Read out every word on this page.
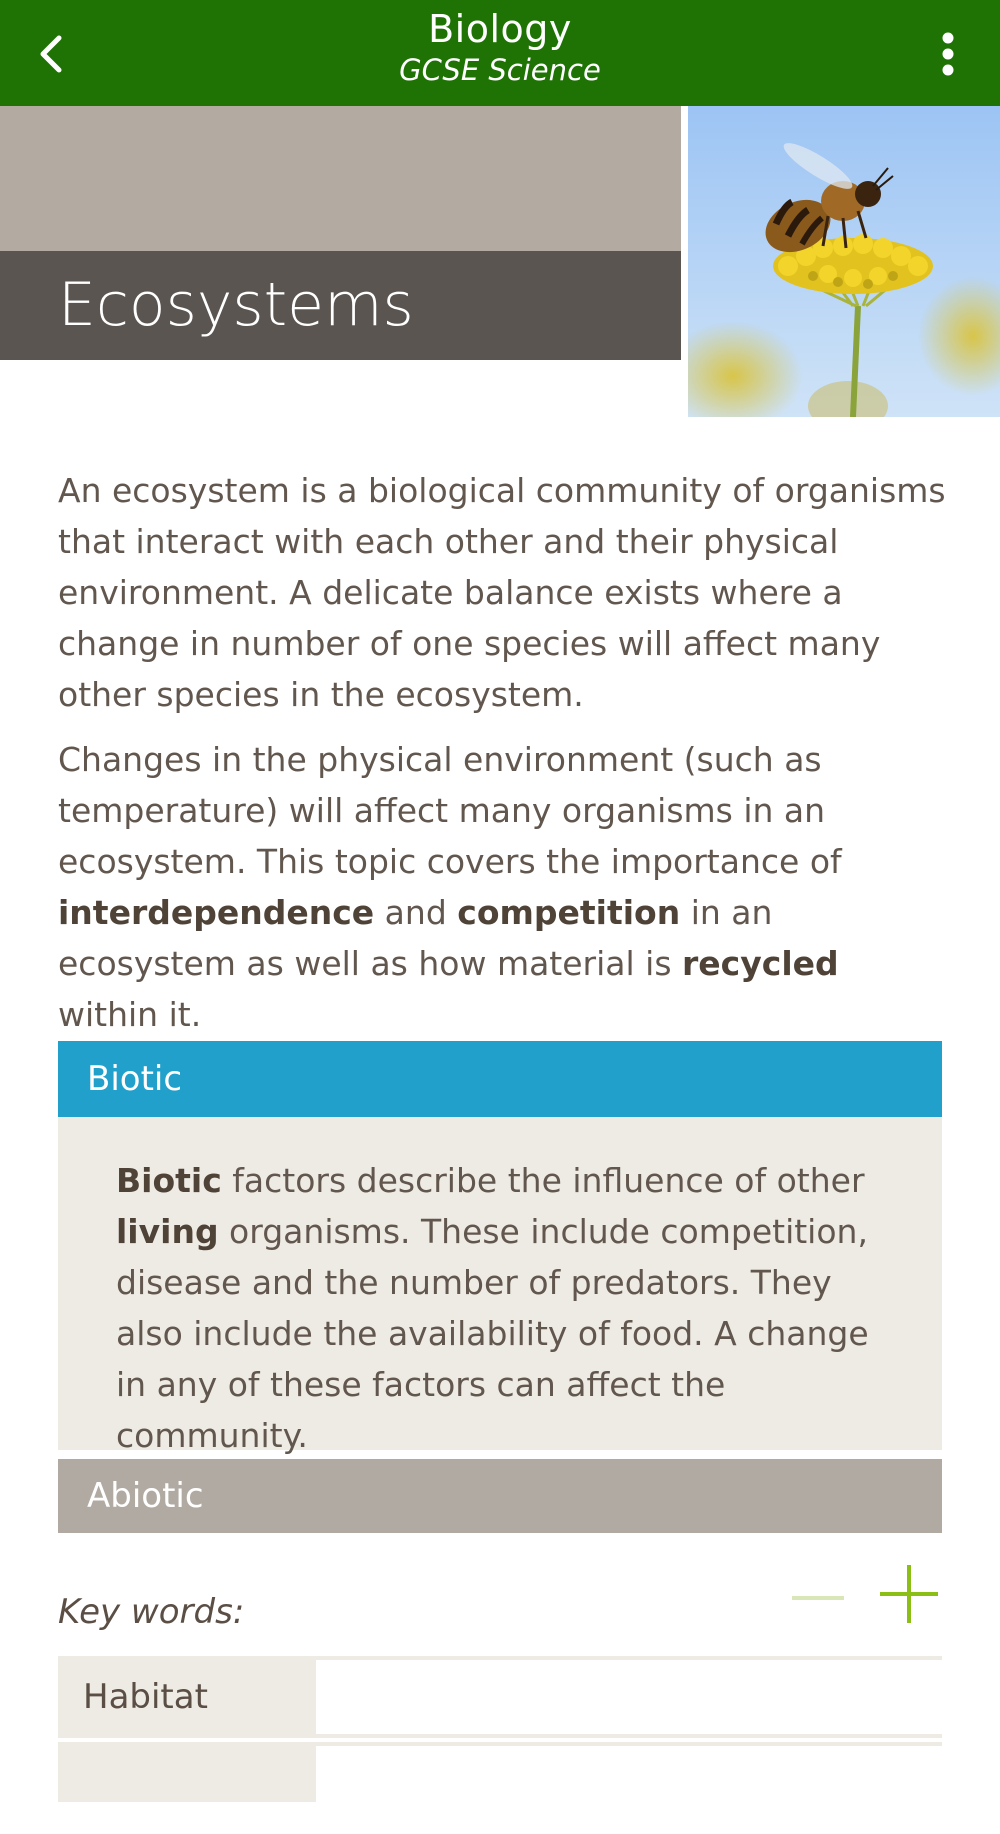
Biology
GCSE Science
Ecosystems

An ecosystem is a biological community of organisms that interact with each other and their physical environment. A delicate balance exists where a change in number of one species will affect many other species in the ecosystem.

Changes in the physical environment (such as temperature) will affect many organisms in an ecosystem. This topic covers the importance of interdependence and competition in an ecosystem as well as how material is recycled within it.

Biotic
Biotic factors describe the influence of other living organisms. These include competition, disease and the number of predators. They also include the availability of food. A change in any of these factors can affect the community.
Abiotic
Key words:
Habitat
